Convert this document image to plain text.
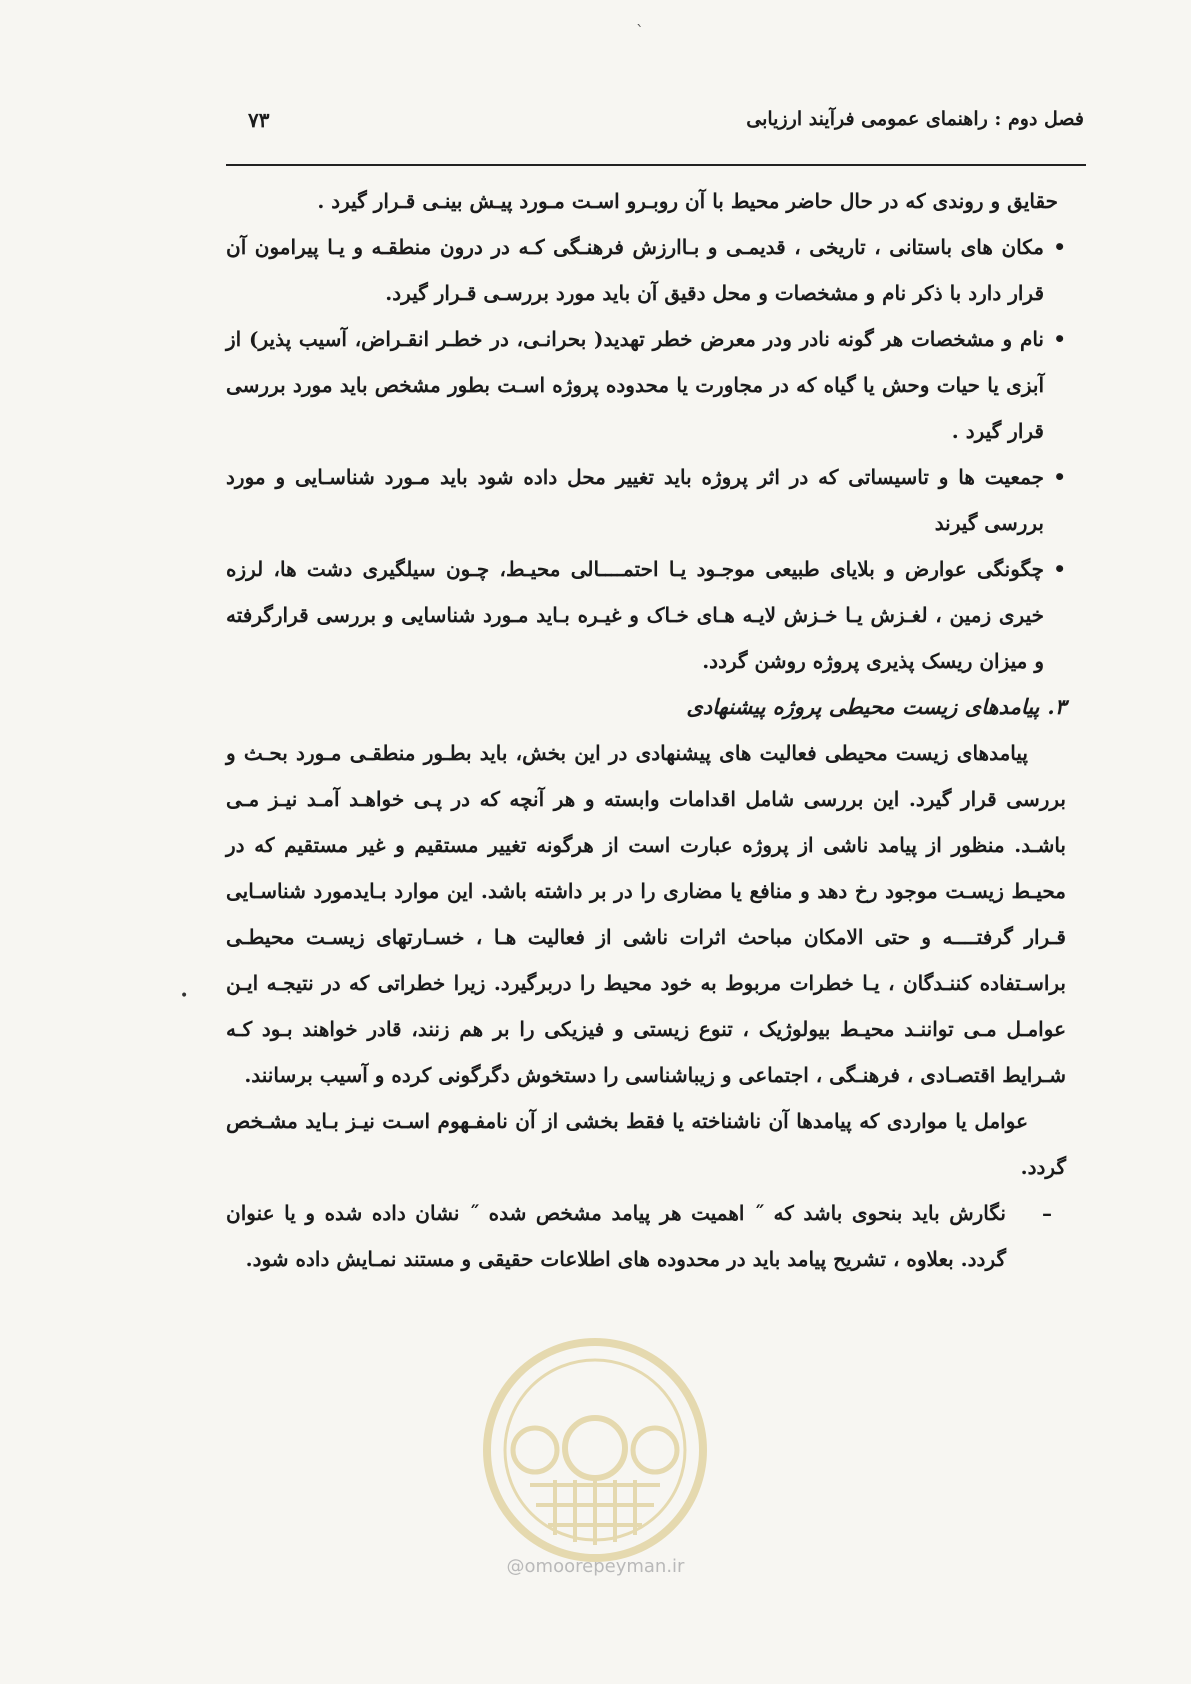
`
فصل دوم : راهنمای عمومی فرآیند ارزیابی
۷۳

حقایق و روندی که در حال حاضر محیط با آن روبـرو اسـت مـورد پیـش بینـی قـرار گیرد .

• مکان های باستانی ، تاریخی ، قدیمـی و بـاارزش فرهنـگی کـه در درون منطقـه و یـا پیرامون آن قرار دارد با ذکر نام و مشخصات و محل دقیق آن باید مورد بررسـی قـرار گیرد.
• نام و مشخصات هر گونه نادر ودر معرض خطر تهدید( بحرانـی، در خطـر انقـراض، آسیب پذیر) از آبزی یا حیات وحش یا گیاه که در مجاورت یا محدوده پروژه اسـت بطور مشخص باید مورد بررسی قرار گیرد .
• جمعیت ها و تاسیساتی که در اثر پروژه باید تغییر محل داده شود باید مـورد شناسـایی و مورد بررسی گیرند
• چگونگی عوارض و بلایای طبیعی موجـود یـا احتمــــالی محیـط، چـون سیلگیری دشت ها، لرزه خیری زمین ، لغـزش یـا خـزش لایـه هـای خـاک و غیـره بـاید مـورد شناسایی و بررسی قرارگرفته و میزان ریسک پذیری پروژه روشن گردد.

۳.پیامدهای زیست محیطی پروژه پیشنهادی

پیامدهای زیست محیطی فعالیت های پیشنهادی در این بخش، باید بطـور منطقـی مـورد بحـث و بررسی قرار گیرد. این بررسی شامل اقدامات وابسته و هر آنچه که در پـی خواهـد آمـد نیـز مـی باشـد. منظور از پیامد ناشی از پروژه عبارت است از هرگونه تغییر مستقیم و غیر مستقیم که در محیـط زیسـت موجود رخ دهد و منافع یا مضاری را در بر داشته باشد. این موارد بـایدمورد شناسـایی قـرار گرفتــــه و حتی الامکان مباحث اثرات ناشی از فعالیت هـا ، خسـارتهای زیسـت محیطـی براسـتفاده کننـدگان ، یـا خطرات مربوط به خود محیط را دربرگیرد. زیرا خطراتی که در نتیجـه ایـن عوامـل مـی تواننـد محیـط بیولوژیک ، تنوع زیستی و فیزیکی را بر هم زنند، قادر خواهند بـود کـه شـرایط اقتصـادی ، فرهنـگی ، اجتماعی و زیباشناسی را دستخوش دگرگونی کرده و آسیب برسانند.

عوامل یا مواردی که پیامدها آن ناشناخته یا فقط بخشی از آن نامفـهوم اسـت نیـز بـاید مشـخص گردد.

–
نگارش باید بنحوی باشد که ˝ اهمیت هر پیامد مشخص شده ˝ نشان داده شده و یا عنوان گردد. بعلاوه ، تشریح پیامد باید در محدوده های اطلاعات حقیقی و مستند نمـایش داده شود.

•
@omoorepeyman.ir
